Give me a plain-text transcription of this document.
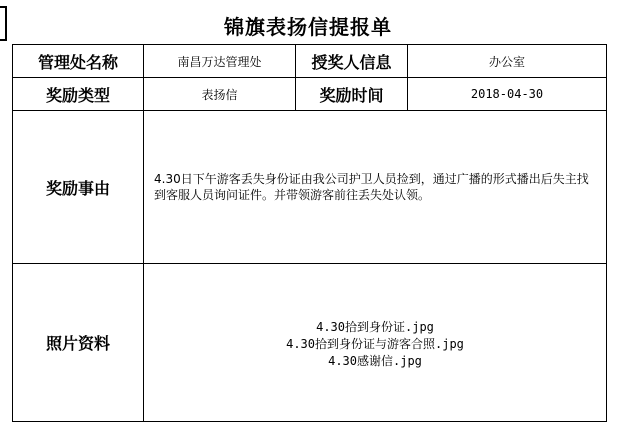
锦旗表扬信提报单
管理处名称	南昌万达管理处	授奖人信息	办公室
奖励类型	表扬信	奖励时间	2018-04-30
奖励事由	4.30日下午游客丢失身份证由我公司护卫人员捡到，通过广播的形式播出后失主找到客服人员询问证件。并带领游客前往丢失处认领。		

照片资料	4.30拾到身份证.jpg
4.30拾到身份证与游客合照.jpg
4.30感谢信.jpg		
